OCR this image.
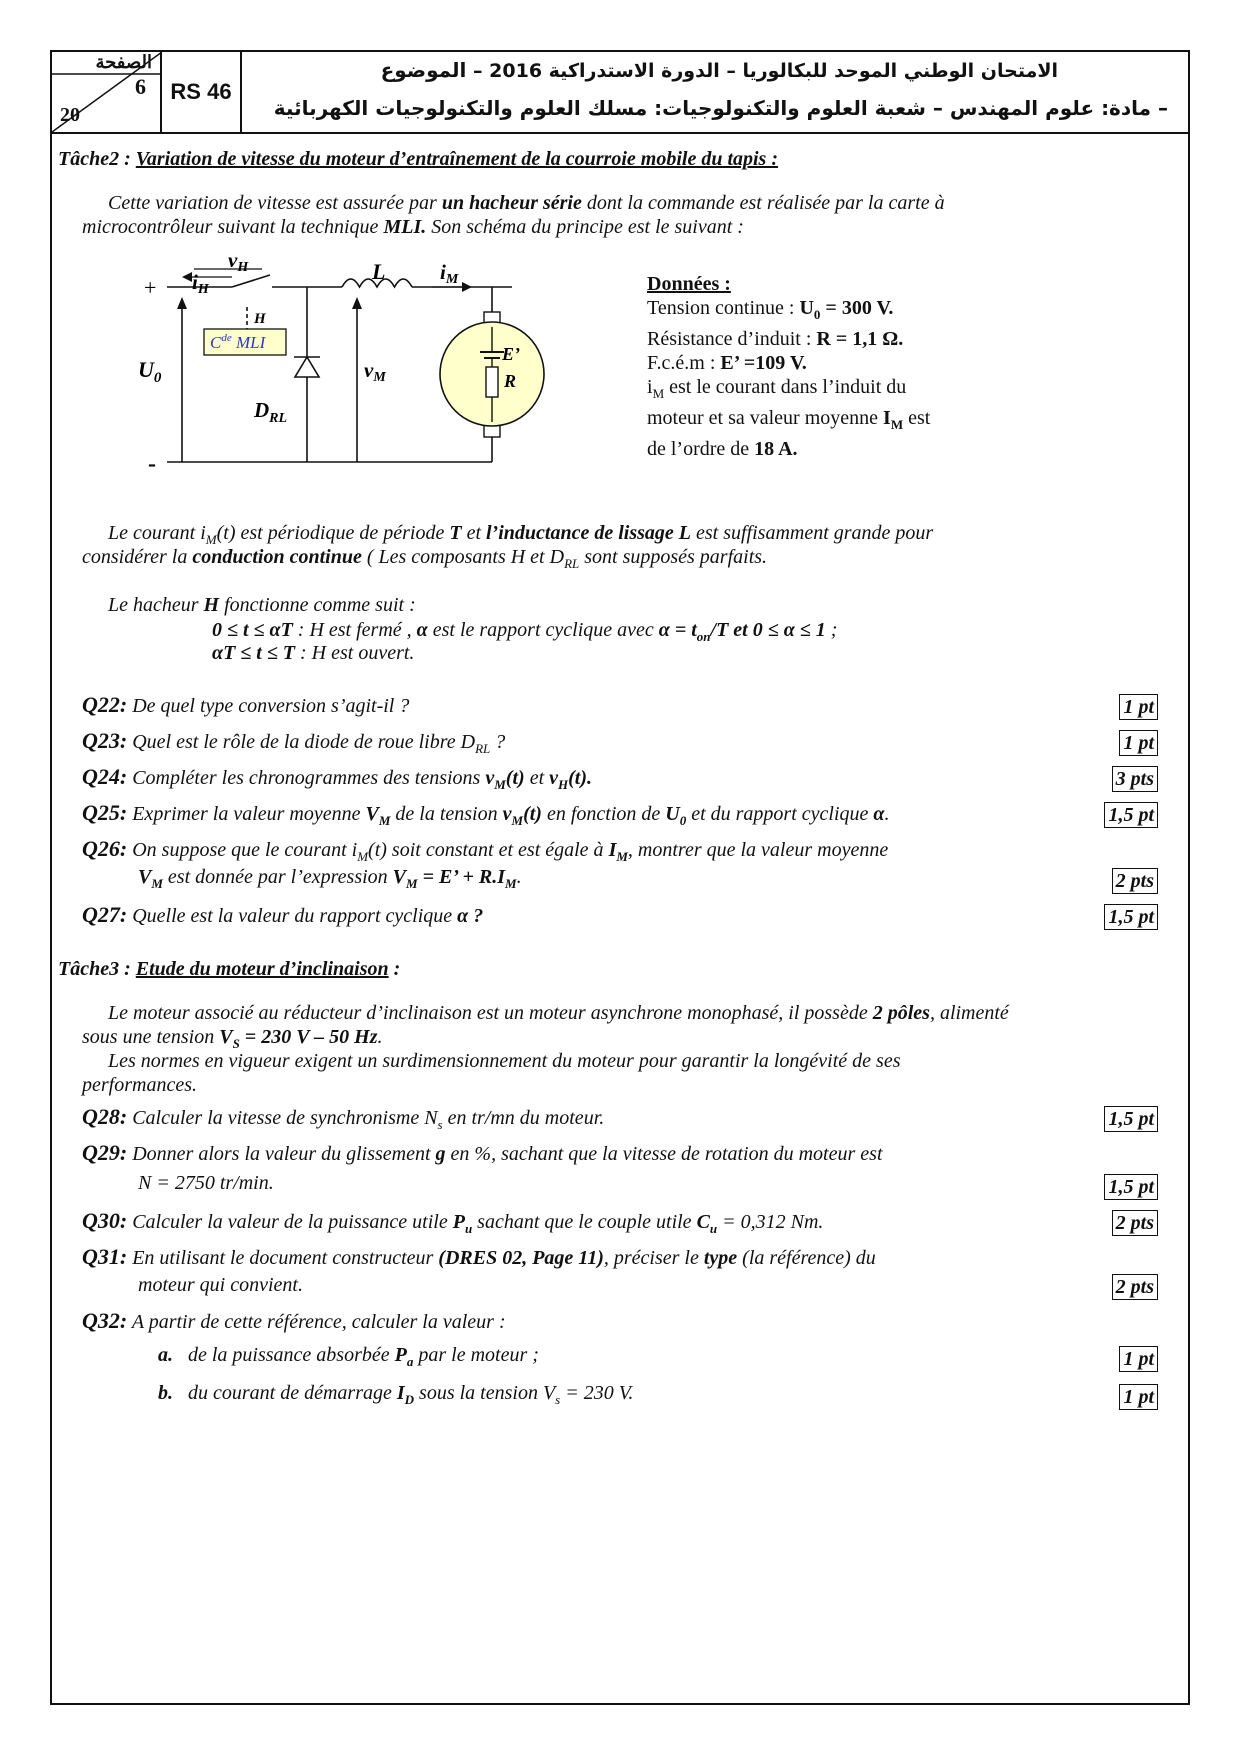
الصفحة
6
20
RS 46
الامتحان الوطني الموحد للبكالوريا – الدورة الاستدراكية 2016 – الموضوع
– مادة: علوم المهندس – شعبة العلوم والتكنولوجيات: مسلك العلوم والتكنولوجيات الكهربائية
Tâche2 : Variation de vitesse du moteur d’entraînement de la courroie mobile du tapis :
Cette variation de vitesse est assurée par un hacheur série dont la commande est réalisée par la carte à
microcontrôleur suivant la technique MLI. Son schéma du principe est le suivant :
Cde MLI
+
-
iH
vH
H
$U_0$
L	iM
$D_{RL}$
vM
E’
R
Données :
Tension continue : $U_0 = 300$ V.
Résistance d’induit : R = 1,1 Ω.
F.c.é.m : E’ =109 V.
$i_M$ est le courant dans l’induit du
moteur et sa valeur moyenne $I_M$ est
de l’ordre de 18 A.
Le courant $i_M(t)$ est périodique de période T et l’inductance de lissage L est suffisamment grande pour
considérer la conduction continue ( Les composants H et $D_{RL}$ sont supposés parfaits.
Le hacheur H fonctionne comme suit :
0 ≤ t ≤ αT : H est fermé , α est le rapport cyclique avec $\alpha = t_{on}/T$ et 0 ≤ α ≤ 1 ;
αT ≤ t ≤ T : H est ouvert.
Q22: De quel type conversion s’agit-il ?	1 pt
Q23: Quel est le rôle de la diode de roue libre $D_{RL}$ ?	1 pt
Q24: Compléter les chronogrammes des tensions $v_M(t)$ et $v_H(t)$.	3 pts
Q25: Exprimer la valeur moyenne $V_M$ de la tension $v_M(t)$ en fonction de $U_0$ et du rapport cyclique α.	1,5 pt
Q26: On suppose que le courant $i_M(t)$ soit constant et est égale à $I_M$, montrer que la valeur moyenne
$V_M$ est donnée par l’expression $V_M = E$’ + $R.I_M$.	2 pts
Q27: Quelle est la valeur du rapport cyclique α ?	1,5 pt
Tâche3 : Etude du moteur d’inclinaison :
Le moteur associé au réducteur d’inclinaison est un moteur asynchrone monophasé, il possède 2 pôles, alimenté
sous une tension $V_S = 230$ V – 50 Hz.
Les normes en vigueur exigent un surdimensionnement du moteur pour garantir la longévité de ses
performances.
Q28: Calculer la vitesse de synchronisme $N_s$ en tr/mn du moteur.	1,5 pt
Q29: Donner alors la valeur du glissement g en %, sachant que la vitesse de rotation du moteur est
N = 2750 tr/min.	1,5 pt
Q30: Calculer la valeur de la puissance utile $P_u$ sachant que le couple utile $C_u = 0,312$ Nm.	2 pts
Q31: En utilisant le document constructeur (DRES 02, Page 11), préciser le type (la référence) du
moteur qui convient.	2 pts
Q32: A partir de cette référence, calculer la valeur :
a. de la puissance absorbée $P_a$ par le moteur ;	1 pt
b. du courant de démarrage $I_D$ sous la tension $V_s = 230$ V.	1 pt
